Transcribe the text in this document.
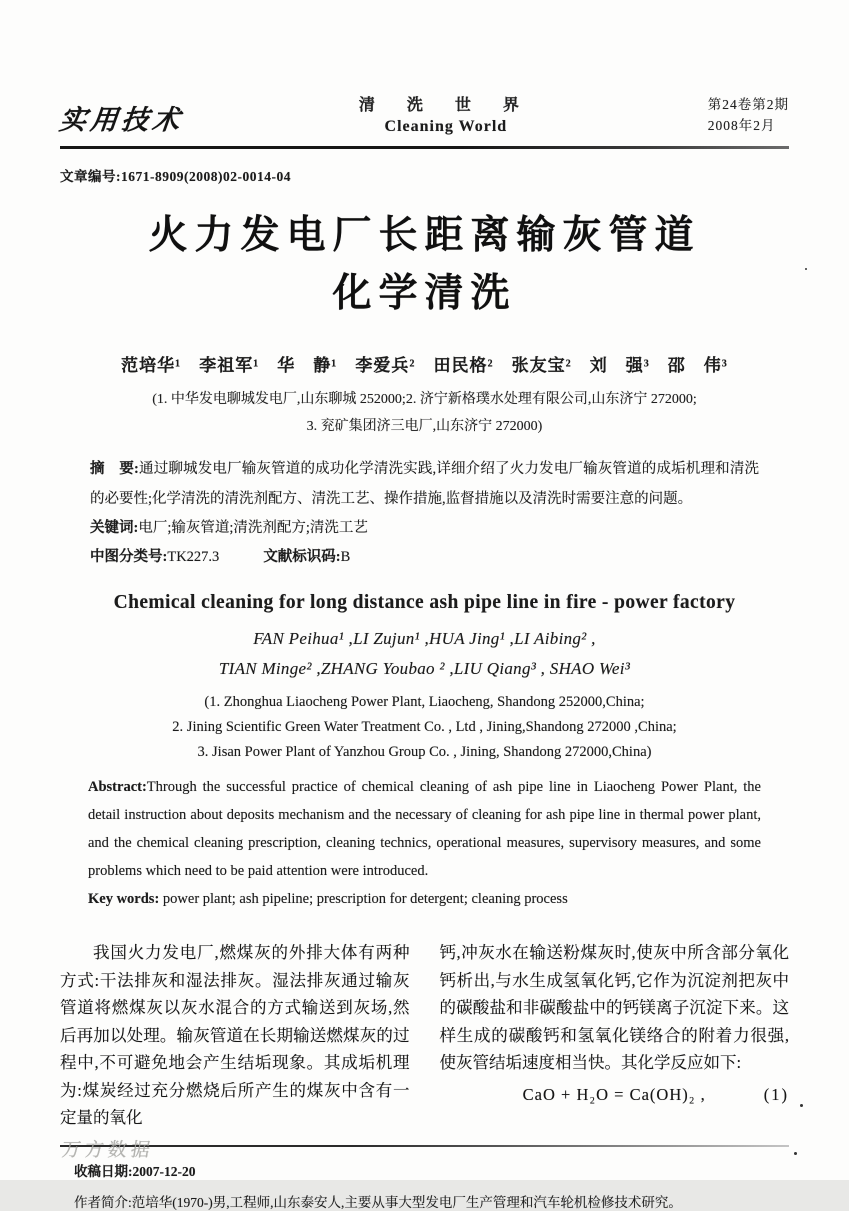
实用技术	清 洗 世 界
Cleaning World
第24卷第2期
2008年2月
文章编号:1671-8909(2008)02-0014-04
火力发电厂长距离输灰管道
化学清洗
范培华¹　李祖军¹　华　静¹　李爱兵²　田民格²　张友宝²　刘　强³　邵　伟³
(1. 中华发电聊城发电厂,山东聊城 252000;2. 济宁新格璞水处理有限公司,山东济宁 272000;
3. 兖矿集团济三电厂,山东济宁 272000)
摘　要:通过聊城发电厂输灰管道的成功化学清洗实践,详细介绍了火力发电厂输灰管道的成垢机理和清洗的必要性;化学清洗的清洗剂配方、清洗工艺、操作措施,监督措施以及清洗时需要注意的问题。
关键词:电厂;输灰管道;清洗剂配方;清洗工艺
中图分类号:TK227.3	文献标识码:B
Chemical cleaning for long distance ash pipe line in fire - power factory
FAN Peihua¹ ,LI Zujun¹ ,HUA Jing¹ ,LI Aibing² ,
TIAN Minge² ,ZHANG Youbao ² ,LIU Qiang³ , SHAO Wei³
(1. Zhonghua Liaocheng Power Plant, Liaocheng, Shandong 252000,China;
2. Jining Scientific Green Water Treatment Co. , Ltd , Jining,Shandong 272000 ,China;
3. Jisan Power Plant of Yanzhou Group Co. , Jining, Shandong 272000,China)
Abstract:Through the successful practice of chemical cleaning of ash pipe line in Liaocheng Power Plant, the detail instruction about deposits mechanism and the necessary of cleaning for ash pipe line in thermal power plant, and the chemical cleaning prescription, cleaning technics, operational measures, supervisory measures, and some problems which need to be paid attention were introduced.
Key words: power plant; ash pipeline; prescription for detergent; cleaning process

我国火力发电厂,燃煤灰的外排大体有两种方式:干法排灰和湿法排灰。湿法排灰通过输灰管道将燃煤灰以灰水混合的方式输送到灰场,然后再加以处理。输灰管道在长期输送燃煤灰的过程中,不可避免地会产生结垢现象。其成垢机理为:煤炭经过充分燃烧后所产生的煤灰中含有一定量的氧化

钙,冲灰水在输送粉煤灰时,使灰中所含部分氧化钙析出,与水生成氢氧化钙,它作为沉淀剂把灰中的碳酸盐和非碳酸盐中的钙镁离子沉淀下来。这样生成的碳酸钙和氢氧化镁络合的附着力很强,使灰管结垢速度相当快。其化学反应如下:

CaO + H₂O = Ca(OH)₂ ,	(1)
收稿日期:2007-12-20
作者简介:范培华(1970-)男,工程师,山东泰安人,主要从事大型发电厂生产管理和汽车轮机检修技术研究。
万方数据
